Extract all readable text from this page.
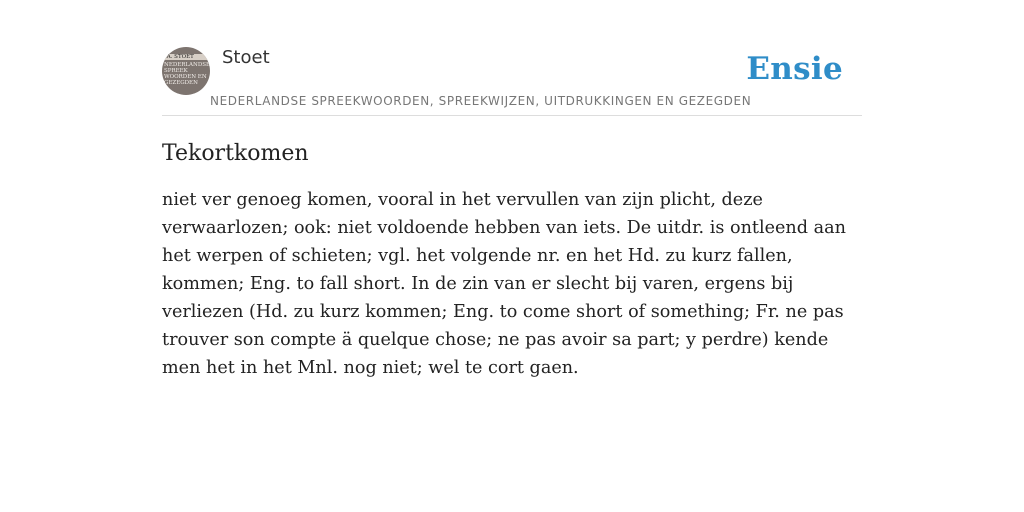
F.A. STOET
NEDERLANDSE SPREEK WOORDEN EN GEZEGDEN
Stoet
NEDERLANDSE SPREEKWOORDEN, SPREEKWIJZEN, UITDRUKKINGEN EN GEZEGDEN
Ensie
Tekortkomen

niet ver genoeg komen, vooral in het vervullen van zijn plicht, deze verwaarlozen; ook: niet voldoende hebben van iets. De uitdr. is ontleend aan het werpen of schieten; vgl. het volgende nr. en het Hd. zu kurz fallen, kommen; Eng. to fall short. In de zin van er slecht bij varen, ergens bij verliezen (Hd. zu kurz kommen; Eng. to come short of something; Fr. ne pas trouver son compte ä quelque chose; ne pas avoir sa part; y perdre) kende men het in het Mnl. nog niet; wel te cort gaen.
